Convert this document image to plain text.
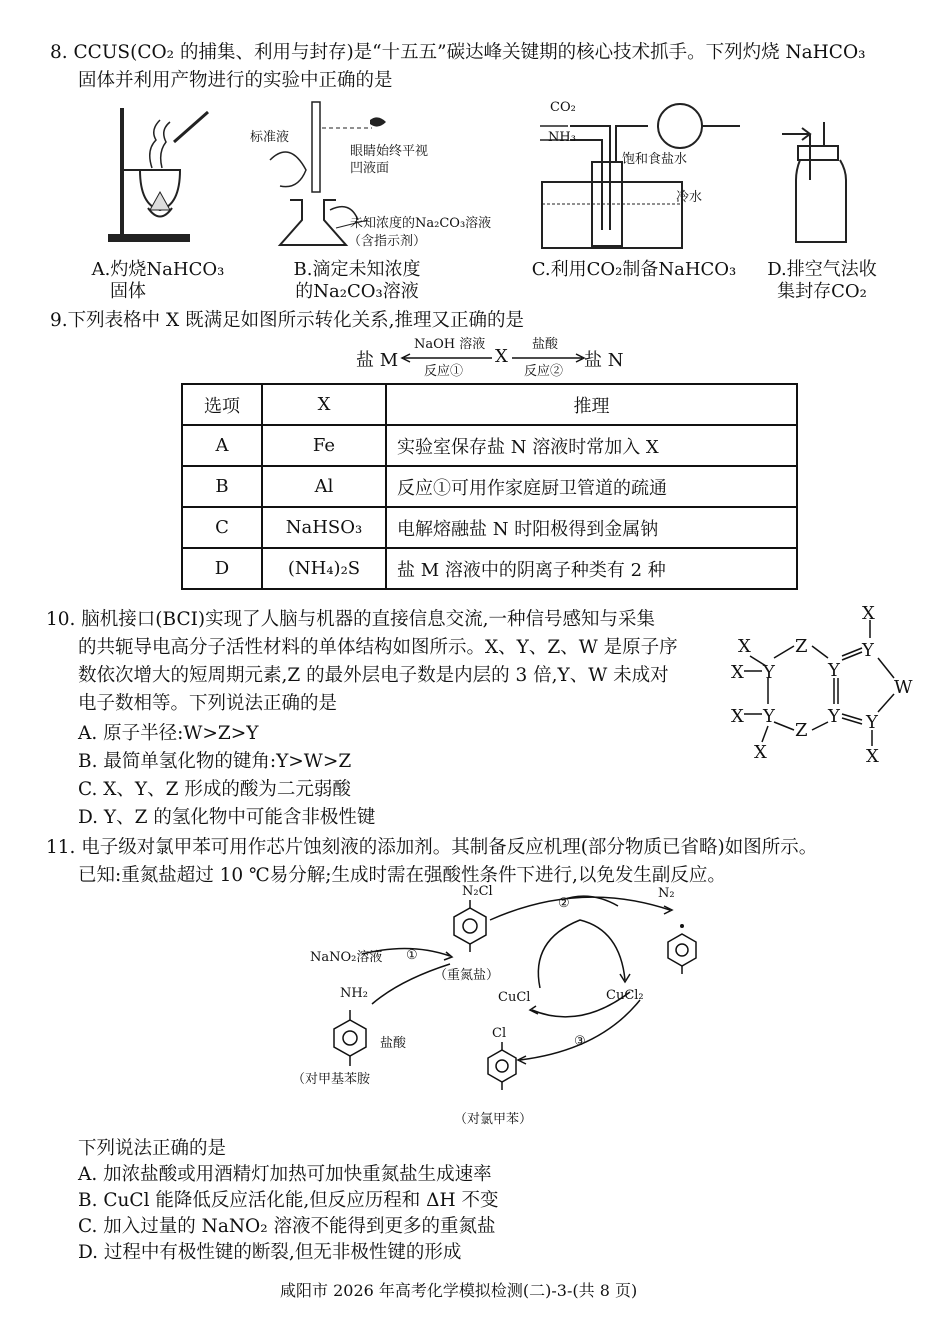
8. CCUS(CO₂ 的捕集、利用与封存)是“十五五”碳达峰关键期的核心技术抓手。下列灼烧 NaHCO₃
固体并利用产物进行的实验中正确的是
A.灼烧NaHCO₃
固体
标准液
眼睛始终平视
凹液面
未知浓度的Na₂CO₃溶液
（含指示剂）
B.滴定未知浓度
的Na₂CO₃溶液
CO₂
NH₃
饱和食盐水
冷水
C.利用CO₂制备NaHCO₃	D.排空气法收
集封存CO₂
9.下列表格中 X 既满足如图所示转化关系,推理又正确的是
盐 M	X	盐 N
NaOH 溶液
反应①
盐酸
反应②
选项	X	推理
A	Fe	实验室保存盐 N 溶液时常加入 X
B	Al	反应①可用作家庭厨卫管道的疏通
C	NaHSO₃	电解熔融盐 N 时阳极得到金属钠
D	(NH₄)₂S	盐 M 溶液中的阴离子种类有 2 种
10. 脑机接口(BCI)实现了人脑与机器的直接信息交流,一种信号感知与采集
的共轭导电高分子活性材料的单体结构如图所示。X、Y、Z、W 是原子序
数依次增大的短周期元素,Z 的最外层电子数是内层的 3 倍,Y、W 未成对
电子数相等。下列说法正确的是
A. 原子半径:W>Z>Y
B. 最简单氢化物的键角:Y>W>Z
C. X、Y、Z 形成的酸为二元弱酸
D. Y、Z 的氢化物中可能含非极性键
X
X Z	Y
X Y	Y
W
X Y	Y Y
Z
X	X
11. 电子级对氯甲苯可用作芯片蚀刻液的添加剂。其制备反应机理(部分物质已省略)如图所示。
已知:重氮盐超过 10 ℃易分解;生成时需在强酸性条件下进行,以免发生副反应。
N₂Cl	N₂
②
NaNO₂溶液 ①
（重氮盐）
NH₂	CuCl	CuCl₂
盐酸
Cl
③
（对甲基苯胺
（对氯甲苯）
下列说法正确的是
A. 加浓盐酸或用酒精灯加热可加快重氮盐生成速率
B. CuCl 能降低反应活化能,但反应历程和 ΔH 不变
C. 加入过量的 NaNO₂ 溶液不能得到更多的重氮盐
D. 过程中有极性键的断裂,但无非极性键的形成
咸阳市 2026 年高考化学模拟检测(二)-3-(共 8 页)
